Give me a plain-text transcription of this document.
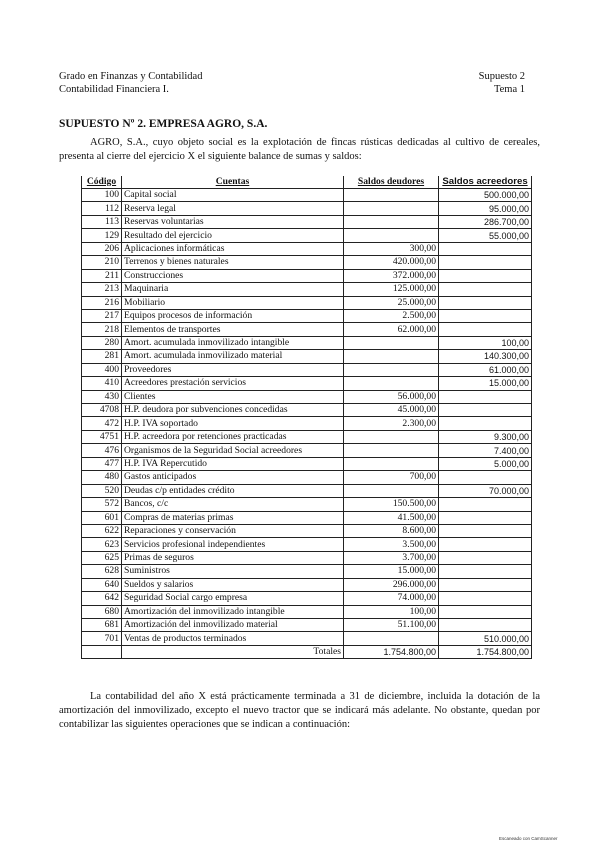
Grado en Finanzas y Contabilidad	Supuesto 2
Contabilidad Financiera I.	Tema 1
SUPUESTO Nº 2. EMPRESA AGRO, S.A.

AGRO, S.A., cuyo objeto social es la explotación de fincas rústicas dedicadas al cultivo de cereales, presenta al cierre del ejercicio X el siguiente balance de sumas y saldos:

Código	Cuentas	Saldos deudores	Saldos acreedores
100	Capital social		500.000,00
112	Reserva legal		95.000,00
113	Reservas voluntarias		286.700,00
129	Resultado del ejercicio		55.000,00
206	Aplicaciones informáticas	300,00	
210	Terrenos y bienes naturales	420.000,00	
211	Construcciones	372.000,00	
213	Maquinaria	125.000,00	
216	Mobiliario	25.000,00	
217	Equipos procesos de información	2.500,00	
218	Elementos de transportes	62.000,00	
280	Amort. acumulada inmovilizado intangible		100,00
281	Amort. acumulada inmovilizado material		140.300,00
400	Proveedores		61.000,00
410	Acreedores prestación servicios		15.000,00
430	Clientes	56.000,00	
4708	H.P. deudora por subvenciones concedidas	45.000,00	
472	H.P. IVA soportado	2.300,00	
4751	H.P. acreedora por retenciones practicadas		9.300,00
476	Organismos de la Seguridad Social acreedores		7.400,00
477	H.P. IVA Repercutido		5.000,00
480	Gastos anticipados	700,00	
520	Deudas c/p entidades crédito		70.000,00
572	Bancos, c/c	150.500,00	
601	Compras de materias primas	41.500,00	
622	Reparaciones y conservación	8.600,00	
623	Servicios profesional independientes	3.500,00	
625	Primas de seguros	3.700,00	
628	Suministros	15.000,00	
640	Sueldos y salarios	296.000,00	
642	Seguridad Social cargo empresa	74.000,00	
680	Amortización del inmovilizado intangible	100,00	
681	Amortización del inmovilizado material	51.100,00	
701	Ventas de productos terminados		510.000,00
	Totales	1.754.800,00	1.754.800,00

La contabilidad del año X está prácticamente terminada a 31 de diciembre, incluida la dotación de la amortización del inmovilizado, excepto el nuevo tractor que se indicará más adelante. No obstante, quedan por contabilizar las siguientes operaciones que se indican a continuación:

Escaneado con CamScanner
